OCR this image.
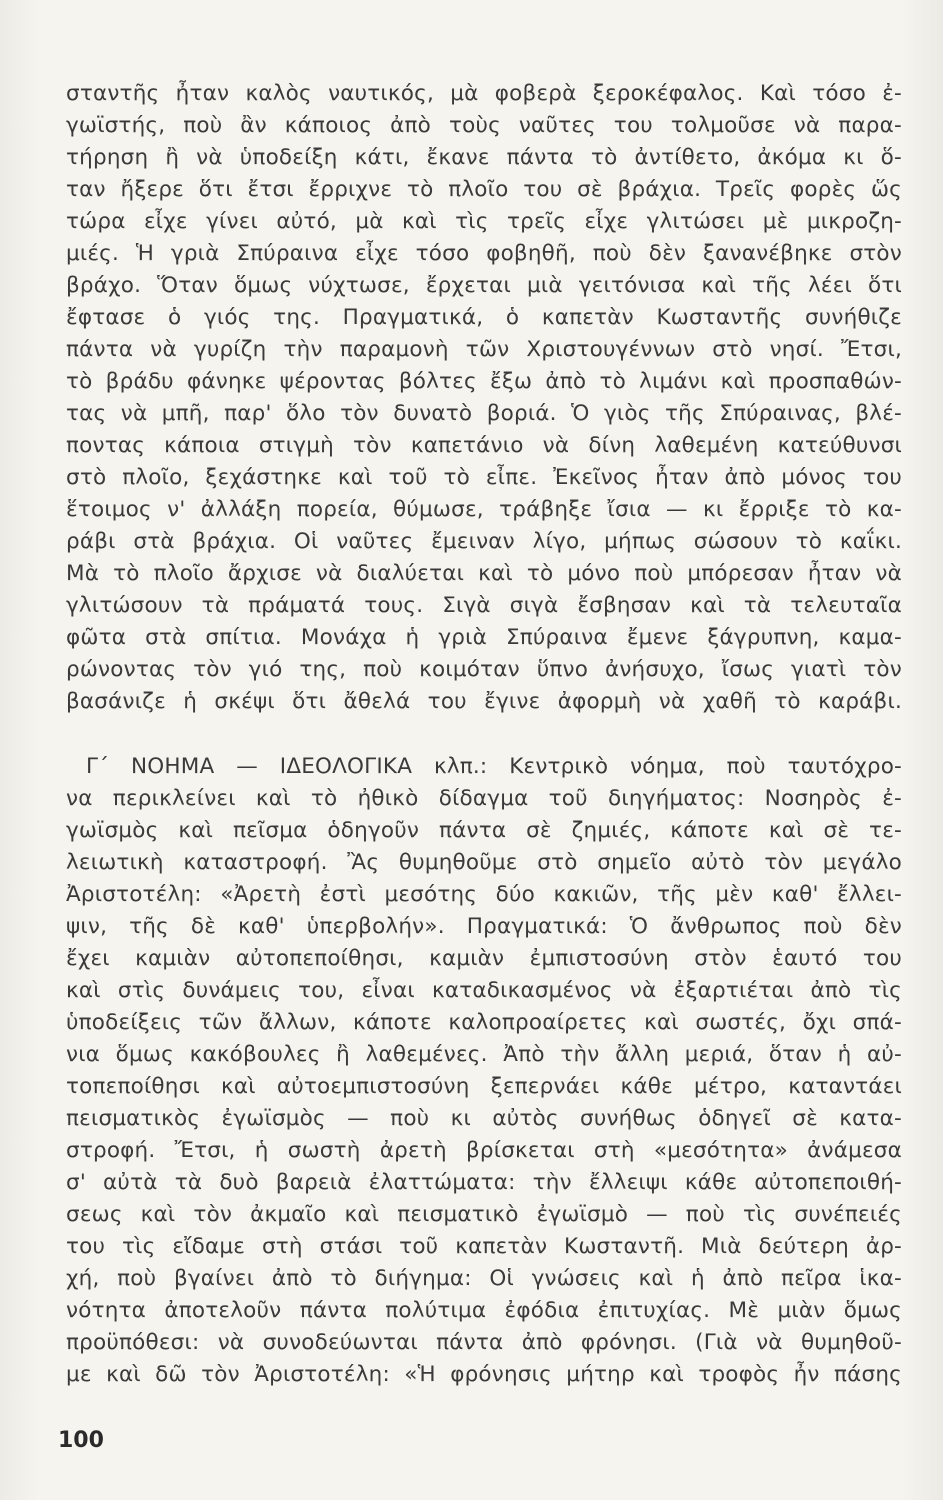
σταντῆς ἦταν καλὸς ναυτικός, μὰ φοβερὰ ξεροκέφαλος. Καὶ τόσο ἐ-
γωϊστής, ποὺ ἂν κάποιος ἀπὸ τοὺς ναῦτες του τολμοῦσε νὰ παρα-
τήρηση ἢ νὰ ὑποδείξη κάτι, ἔκανε πάντα τὸ ἀντίθετο, ἀκόμα κι ὅ-
ταν ἤξερε ὅτι ἔτσι ἔρριχνε τὸ πλοῖο του σὲ βράχια. Τρεῖς φορὲς ὥς
τώρα εἶχε γίνει αὐτό, μὰ καὶ τὶς τρεῖς εἶχε γλιτώσει μὲ μικροζη-
μιές. Ἡ γριὰ Σπύραινα εἶχε τόσο φοβηθῆ, ποὺ δὲν ξανανέβηκε στὸν
βράχο. Ὅταν ὅμως νύχτωσε, ἔρχεται μιὰ γειτόνισα καὶ τῆς λέει ὅτι
ἔφτασε ὁ γιός της. Πραγματικά, ὁ καπετὰν Κωσταντῆς συνήθιζε
πάντα νὰ γυρίζη τὴν παραμονὴ τῶν Χριστουγέννων στὸ νησί. Ἔτσι,
τὸ βράδυ φάνηκε ψέροντας βόλτες ἔξω ἀπὸ τὸ λιμάνι καὶ προσπαθών-
τας νὰ μπῆ, παρ' ὅλο τὸν δυνατὸ βοριά. Ὁ γιὸς τῆς Σπύραινας, βλέ-
ποντας κάποια στιγμὴ τὸν καπετάνιο νὰ δίνη λαθεμένη κατεύθυνσι
στὸ πλοῖο, ξεχάστηκε καὶ τοῦ τὸ εἶπε. Ἐκεῖνος ἦταν ἀπὸ μόνος του
ἕτοιμος ν' ἀλλάξη πορεία, θύμωσε, τράβηξε ἴσια — κι ἔρριξε τὸ κα-
ράβι στὰ βράχια. Οἱ ναῦτες ἔμειναν λίγο, μήπως σώσουν τὸ καΐκι.
Μὰ τὸ πλοῖο ἄρχισε νὰ διαλύεται καὶ τὸ μόνο ποὺ μπόρεσαν ἦταν νὰ
γλιτώσουν τὰ πράματά τους. Σιγὰ σιγὰ ἔσβησαν καὶ τὰ τελευταῖα
φῶτα στὰ σπίτια. Μονάχα ἡ γριὰ Σπύραινα ἔμενε ξάγρυπνη, καμα-
ρώνοντας τὸν γιό της, ποὺ κοιμόταν ὕπνο ἀνήσυχο, ἴσως γιατὶ τὸν
βασάνιζε ἡ σκέψι ὅτι ἄθελά του ἔγινε ἀφορμὴ νὰ χαθῆ τὸ καράβι.
Γ΄ ΝΟΗΜΑ — ΙΔΕΟΛΟΓΙΚΑ κλπ.: Κεντρικὸ νόημα, ποὺ ταυτόχρο-
να περικλείνει καὶ τὸ ἠθικὸ δίδαγμα τοῦ διηγήματος: Νοσηρὸς ἐ-
γωϊσμὸς καὶ πεῖσμα ὁδηγοῦν πάντα σὲ ζημιές, κάποτε καὶ σὲ τε-
λειωτικὴ καταστροφή. Ἂς θυμηθοῦμε στὸ σημεῖο αὐτὸ τὸν μεγάλο
Ἀριστοτέλη: «Ἀρετὴ ἐστὶ μεσότης δύο κακιῶν, τῆς μὲν καθ' ἔλλει-
ψιν, τῆς δὲ καθ' ὑπερβολήν». Πραγματικά: Ὁ ἄνθρωπος ποὺ δὲν
ἔχει καμιὰν αὐτοπεποίθησι, καμιὰν ἐμπιστοσύνη στὸν ἑαυτό του
καὶ στὶς δυνάμεις του, εἶναι καταδικασμένος νὰ ἐξαρτιέται ἀπὸ τὶς
ὑποδείξεις τῶν ἄλλων, κάποτε καλοπροαίρετες καὶ σωστές, ὄχι σπά-
νια ὅμως κακόβουλες ἢ λαθεμένες. Ἀπὸ τὴν ἄλλη μεριά, ὅταν ἡ αὐ-
τοπεποίθησι καὶ αὐτοεμπιστοσύνη ξεπερνάει κάθε μέτρο, καταντάει
πεισματικὸς ἐγωϊσμὸς — ποὺ κι αὐτὸς συνήθως ὁδηγεῖ σὲ κατα-
στροφή. Ἔτσι, ἡ σωστὴ ἀρετὴ βρίσκεται στὴ «μεσότητα» ἀνάμεσα
σ' αὐτὰ τὰ δυὸ βαρειὰ ἐλαττώματα: τὴν ἔλλειψι κάθε αὐτοπεποιθή-
σεως καὶ τὸν ἀκμαῖο καὶ πεισματικὸ ἐγωϊσμὸ — ποὺ τὶς συνέπειές
του τὶς εἴδαμε στὴ στάσι τοῦ καπετὰν Κωσταντῆ. Μιὰ δεύτερη ἀρ-
χή, ποὺ βγαίνει ἀπὸ τὸ διήγημα: Οἱ γνώσεις καὶ ἡ ἀπὸ πεῖρα ἱκα-
νότητα ἀποτελοῦν πάντα πολύτιμα ἐφόδια ἐπιτυχίας. Μὲ μιὰν ὅμως
προϋπόθεσι: νὰ συνοδεύωνται πάντα ἀπὸ φρόνησι. (Γιὰ νὰ θυμηθοῦ-
με καὶ δῶ τὸν Ἀριστοτέλη: «Ἡ φρόνησις μήτηρ καὶ τροφὸς ἦν πάσης
100
